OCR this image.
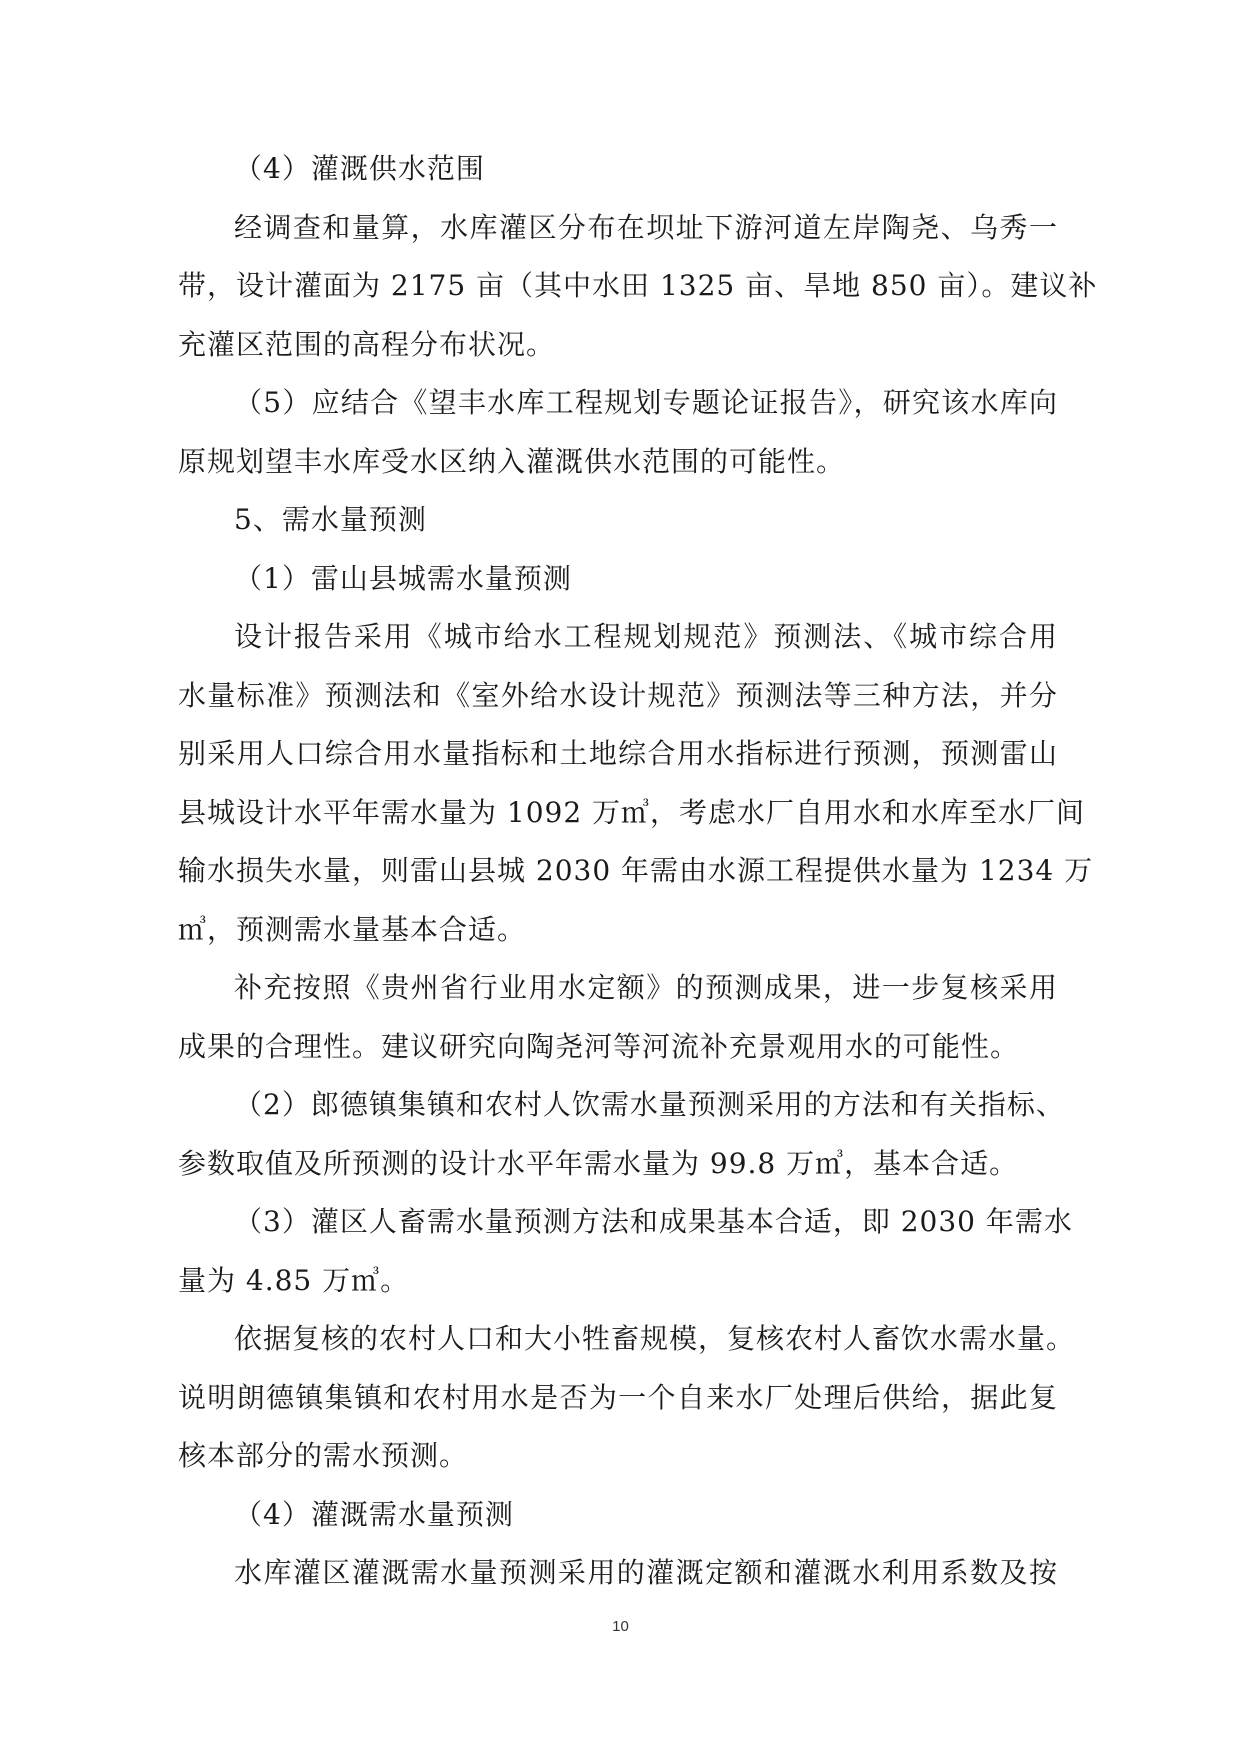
（4）灌溉供水范围
经调查和量算，水库灌区分布在坝址下游河道左岸陶尧、乌秀一
带，设计灌面为 2175 亩（其中水田 1325 亩、旱地 850 亩）。建议补
充灌区范围的高程分布状况。
（5）应结合《望丰水库工程规划专题论证报告》，研究该水库向
原规划望丰水库受水区纳入灌溉供水范围的可能性。
5、需水量预测
（1）雷山县城需水量预测
设计报告采用《城市给水工程规划规范》预测法、《城市综合用
水量标准》预测法和《室外给水设计规范》预测法等三种方法，并分
别采用人口综合用水量指标和土地综合用水指标进行预测，预测雷山
县城设计水平年需水量为 1092 万㎥，考虑水厂自用水和水库至水厂间
输水损失水量，则雷山县城 2030 年需由水源工程提供水量为 1234 万
㎥，预测需水量基本合适。
补充按照《贵州省行业用水定额》的预测成果，进一步复核采用
成果的合理性。建议研究向陶尧河等河流补充景观用水的可能性。
（2）郎德镇集镇和农村人饮需水量预测采用的方法和有关指标、
参数取值及所预测的设计水平年需水量为 99.8 万㎥，基本合适。
（3）灌区人畜需水量预测方法和成果基本合适，即 2030 年需水
量为 4.85 万㎥。
依据复核的农村人口和大小牲畜规模，复核农村人畜饮水需水量。
说明朗德镇集镇和农村用水是否为一个自来水厂处理后供给，据此复
核本部分的需水预测。
（4）灌溉需水量预测
水库灌区灌溉需水量预测采用的灌溉定额和灌溉水利用系数及按
10
